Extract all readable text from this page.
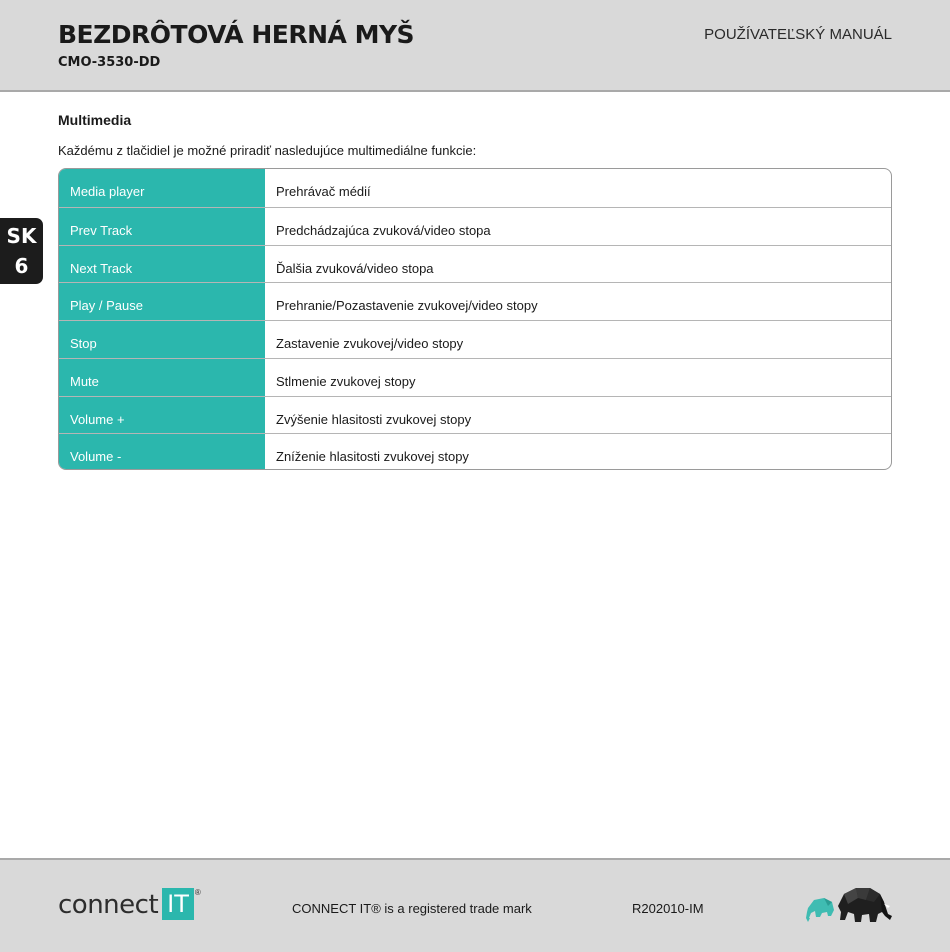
BEZDRÔTOVÁ HERNÁ MYŠ
CMO-3530-DD
POUŽÍVATEĽSKÝ MANUÁL
SK
6
Multimedia
Každému z tlačidiel je možné priradiť nasledujúce multimediálne funkcie:
Media player	Prehrávač médií
Prev Track	Predchádzajúca zvuková/video stopa
Next Track	Ďalšia zvuková/video stopa
Play / Pause	Prehranie/Pozastavenie zvukovej/video stopy
Stop	Zastavenie zvukovej/video stopy
Mute	Stlmenie zvukovej stopy
Volume +	Zvýšenie hlasitosti zvukovej stopy
Volume -	Zníženie hlasitosti zvukovej stopy
connect IT ®
CONNECT IT® is a registered trade mark	R202010-IM
